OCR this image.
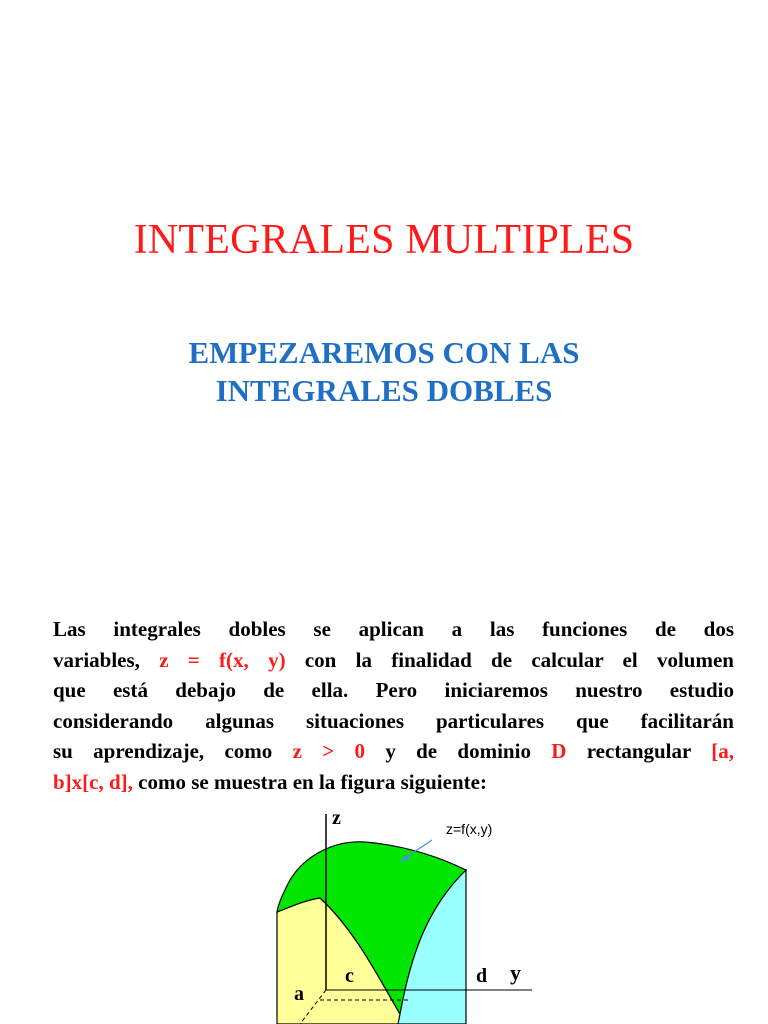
INTEGRALES MULTIPLES
EMPEZAREMOS CON LAS
INTEGRALES DOBLES

Las integrales dobles se aplican a las funciones de dos
variables, z = f(x, y) con la finalidad de calcular el volumen
que está debajo de ella. Pero iniciaremos nuestro estudio
considerando algunas situaciones particulares que facilitarán
su aprendizaje, como z > 0 y de dominio D rectangular [a,
b]x[c, d], como se muestra en la figura siguiente:

z	z=f(x,y)
c	d y
a
